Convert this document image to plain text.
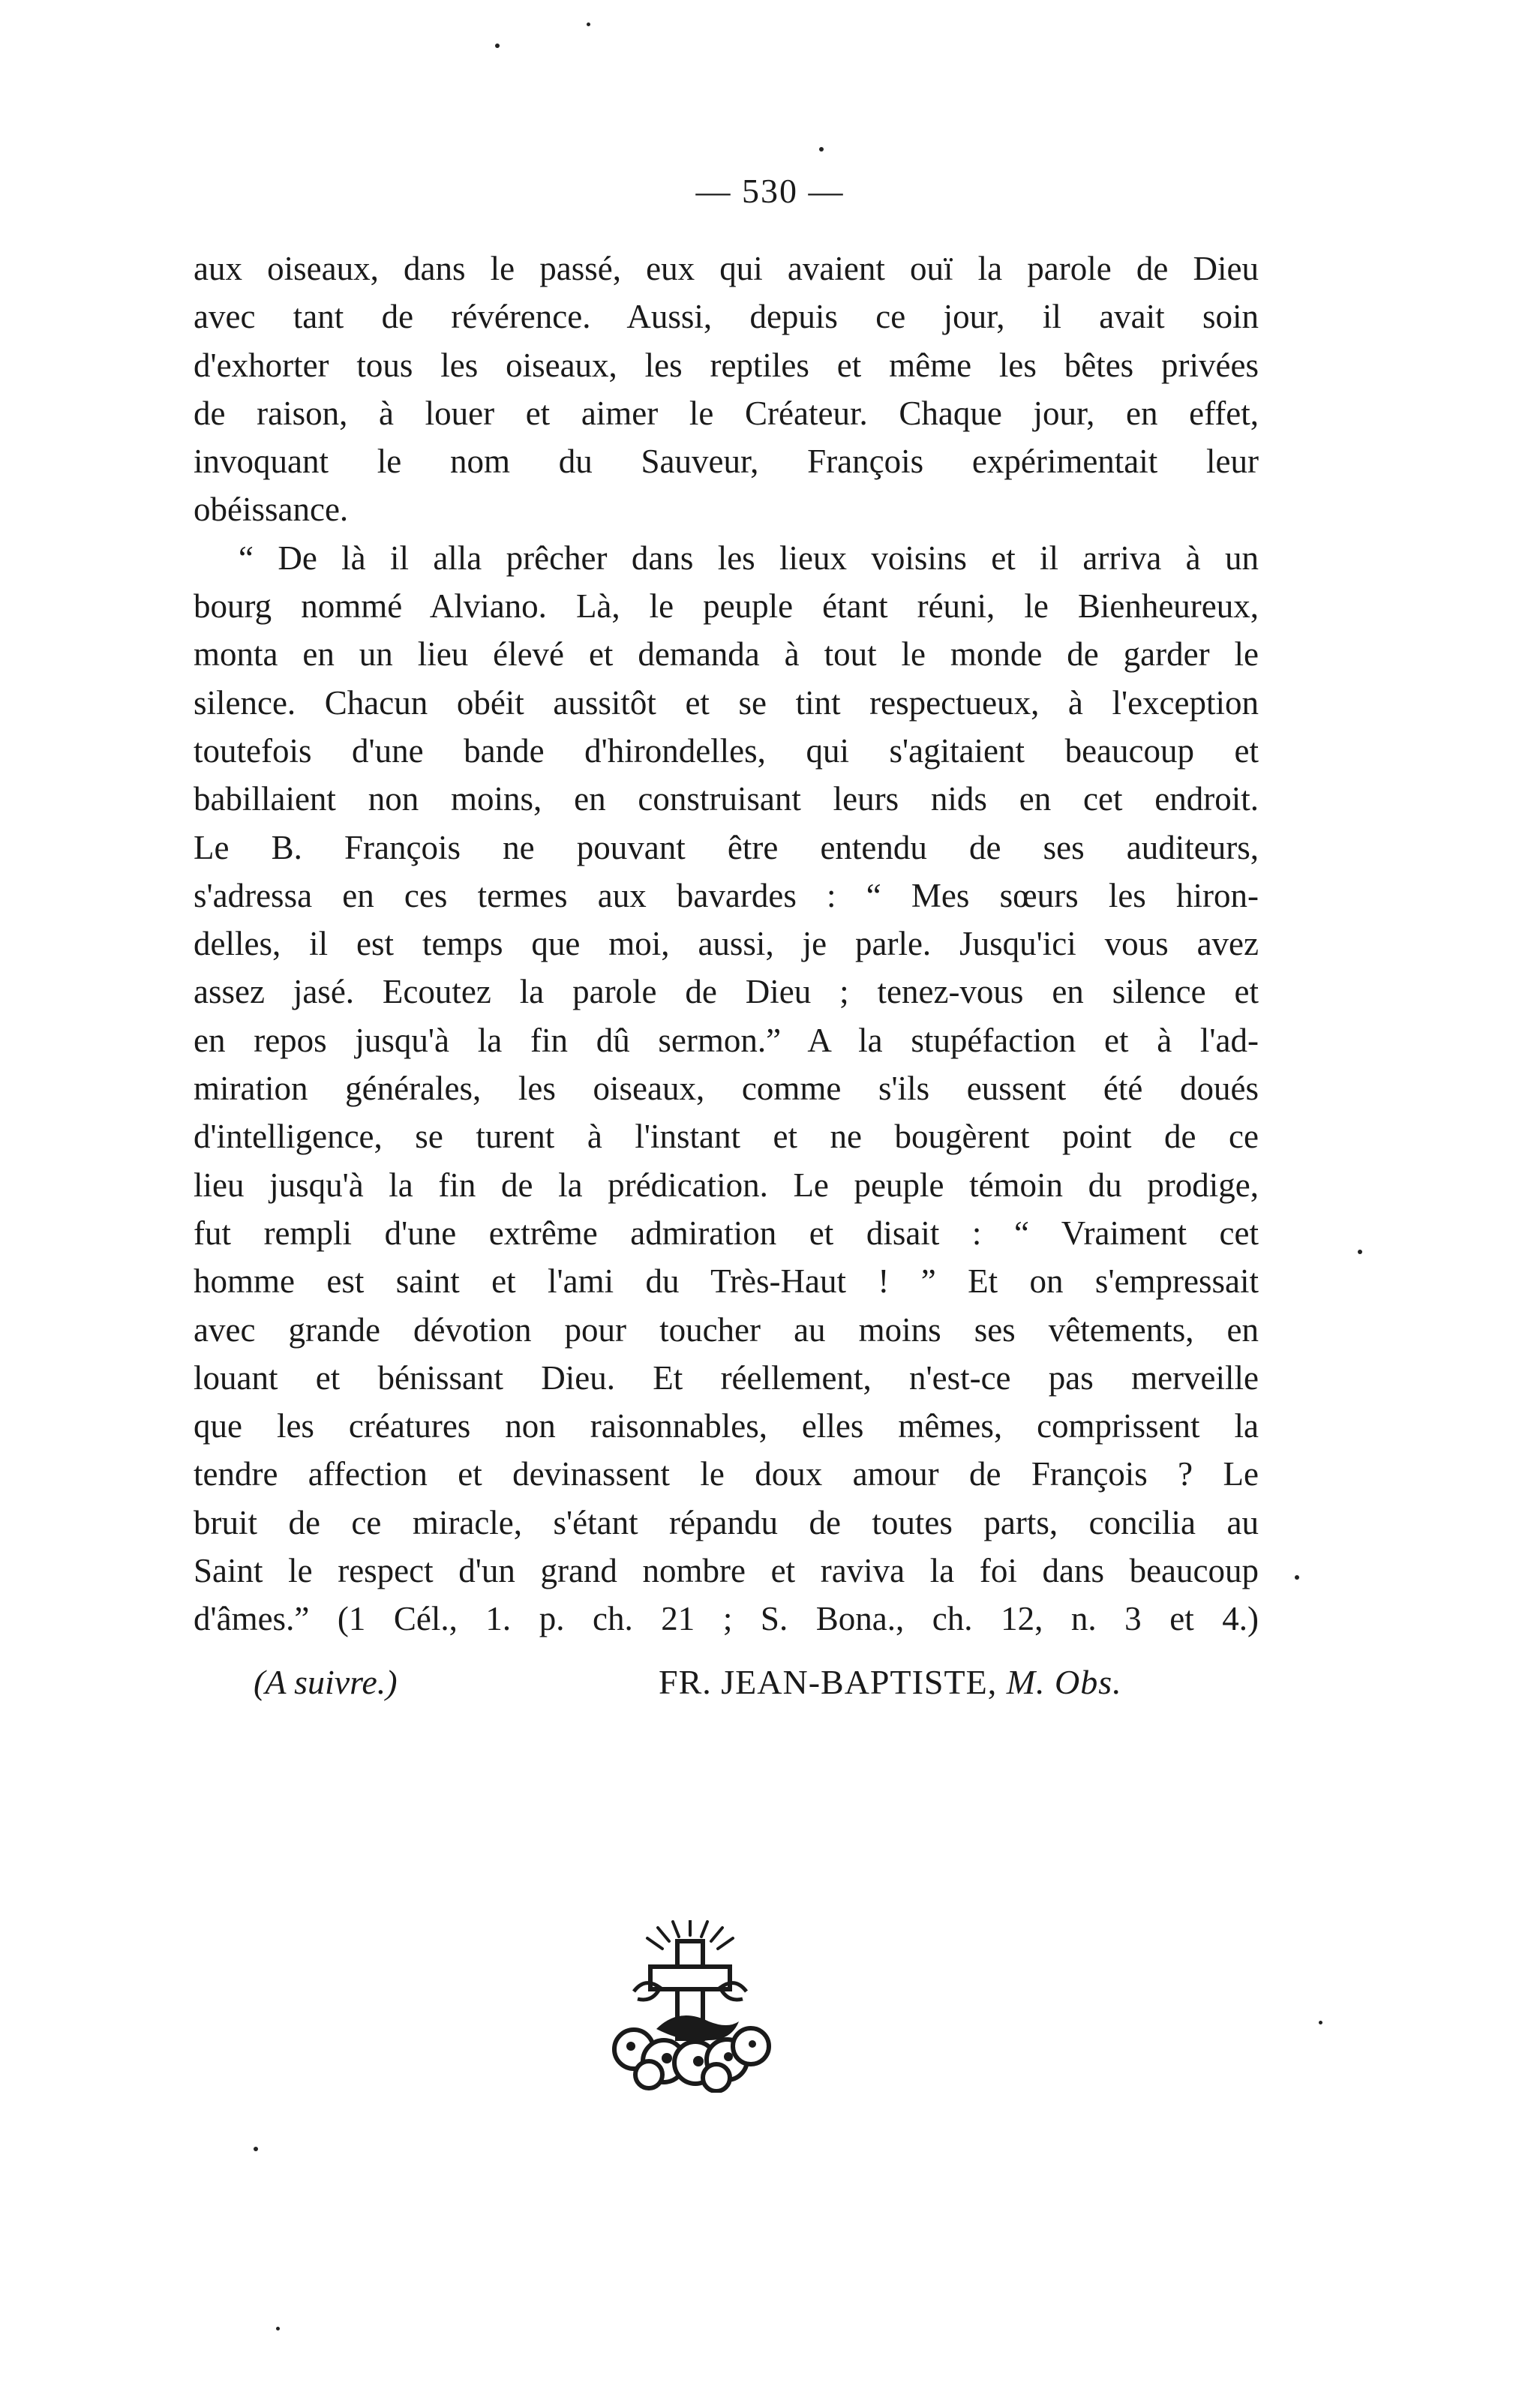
— 530 —
aux oiseaux, dans le passé, eux qui avaient ouï la parole de Dieu
avec tant de révérence. Aussi, depuis ce jour, il avait soin
d'exhorter tous les oiseaux, les reptiles et même les bêtes privées
de raison, à louer et aimer le Créateur. Chaque jour, en effet,
invoquant le nom du Sauveur, François expérimentait leur
obéissance.
“ De là il alla prêcher dans les lieux voisins et il arriva à un
bourg nommé Alviano. Là, le peuple étant réuni, le Bienheureux,
monta en un lieu élevé et demanda à tout le monde de garder le
silence. Chacun obéit aussitôt et se tint respectueux, à l'exception
toutefois d'une bande d'hirondelles, qui s'agitaient beaucoup et
babillaient non moins, en construisant leurs nids en cet endroit.
Le B. François ne pouvant être entendu de ses auditeurs,
s'adressa en ces termes aux bavardes : “ Mes sœurs les hiron-
delles, il est temps que moi, aussi, je parle. Jusqu'ici vous avez
assez jasé. Ecoutez la parole de Dieu ; tenez-vous en silence et
en repos jusqu'à la fin dû sermon.” A la stupéfaction et à l'ad-
miration générales, les oiseaux, comme s'ils eussent été doués
d'intelligence, se turent à l'instant et ne bougèrent point de ce
lieu jusqu'à la fin de la prédication. Le peuple témoin du prodige,
fut rempli d'une extrême admiration et disait : “ Vraiment cet
homme est saint et l'ami du Très-Haut ! ” Et on s'empressait
avec grande dévotion pour toucher au moins ses vêtements, en
louant et bénissant Dieu. Et réellement, n'est-ce pas merveille
que les créatures non raisonnables, elles mêmes, comprissent la
tendre affection et devinassent le doux amour de François ? Le
bruit de ce miracle, s'étant répandu de toutes parts, concilia au
Saint le respect d'un grand nombre et raviva la foi dans beaucoup
d'âmes.” (1 Cél., 1. p. ch. 21 ; S. Bona., ch. 12, n. 3 et 4.)
(A suivre.)	FR. JEAN-BAPTISTE, M. Obs.
